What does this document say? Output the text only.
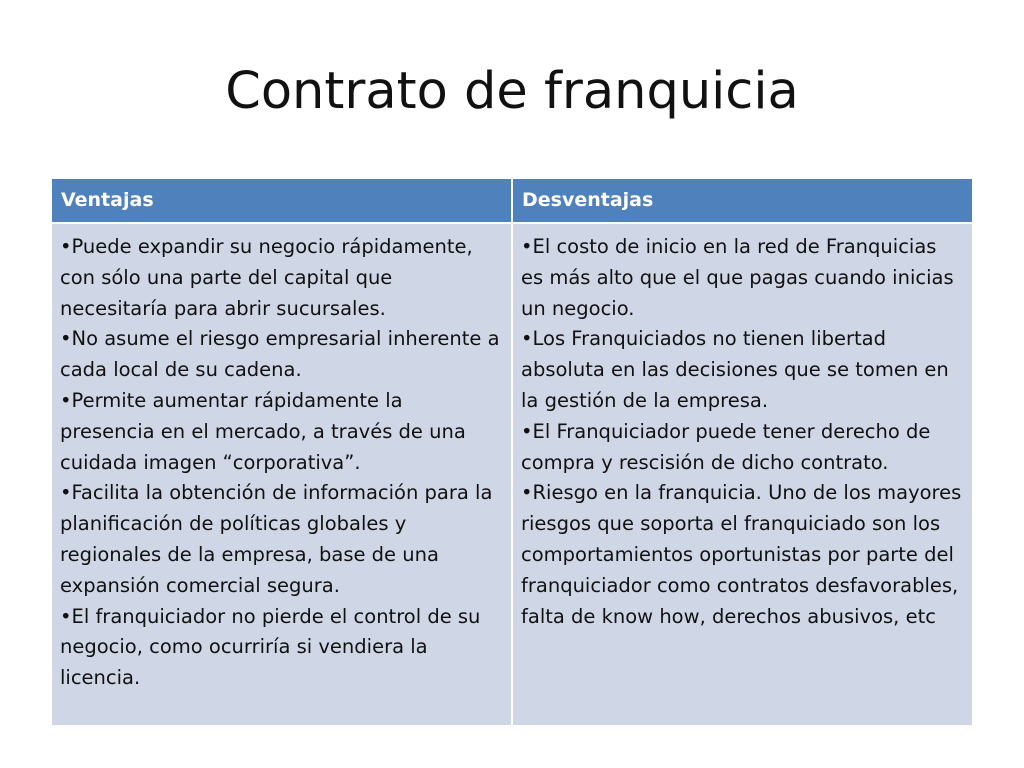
Contrato de franquicia
Ventajas	Desventajas

•Puede expandir su negocio rápidamente, con sólo una parte del capital que necesitaría para abrir sucursales.

•No asume el riesgo empresarial inherente a cada local de su cadena.

•Permite aumentar rápidamente la presencia en el mercado, a través de una cuidada imagen “corporativa”.

•Facilita la obtención de información para la planificación de políticas globales y regionales de la empresa, base de una expansión comercial segura.

•El franquiciador no pierde el control de su negocio, como ocurriría si vendiera la licencia.

•El costo de inicio en la red de Franquicias es más alto que el que pagas cuando inicias un negocio.

•Los Franquiciados no tienen libertad absoluta en las decisiones que se tomen en la gestión de la empresa.

•El Franquiciador puede tener derecho de compra y rescisión de dicho contrato.

•Riesgo en la franquicia. Uno de los mayores riesgos que soporta el franquiciado son los comportamientos oportunistas por parte del franquiciador como contratos desfavorables, falta de know how, derechos abusivos, etc
